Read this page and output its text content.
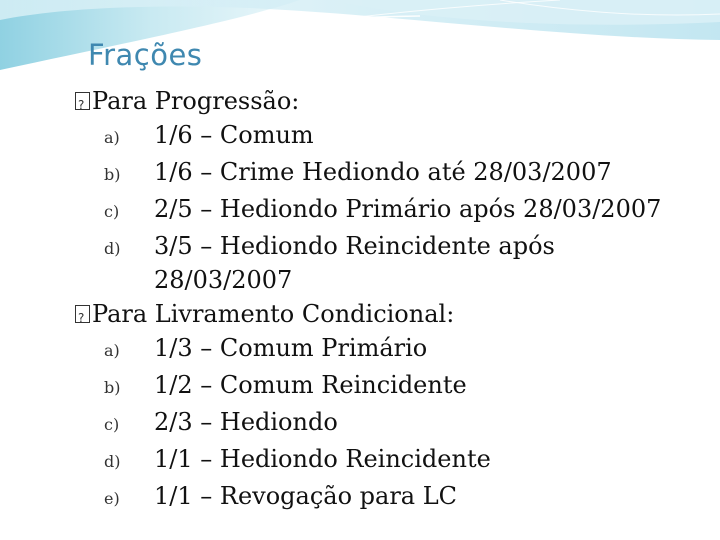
Frações
?Para Progressão:
a)	1/6 – Comum
b)	1/6 – Crime Hediondo até 28/03/2007
c)	2/5 – Hediondo Primário após 28/03/2007
d)	3/5 – Hediondo Reincidente após 28/03/2007
?Para Livramento Condicional:
a)	1/3 – Comum Primário
b)	1/2 – Comum Reincidente
c)	2/3 – Hediondo
d)	1/1 – Hediondo Reincidente
e)	1/1 – Revogação para LC
